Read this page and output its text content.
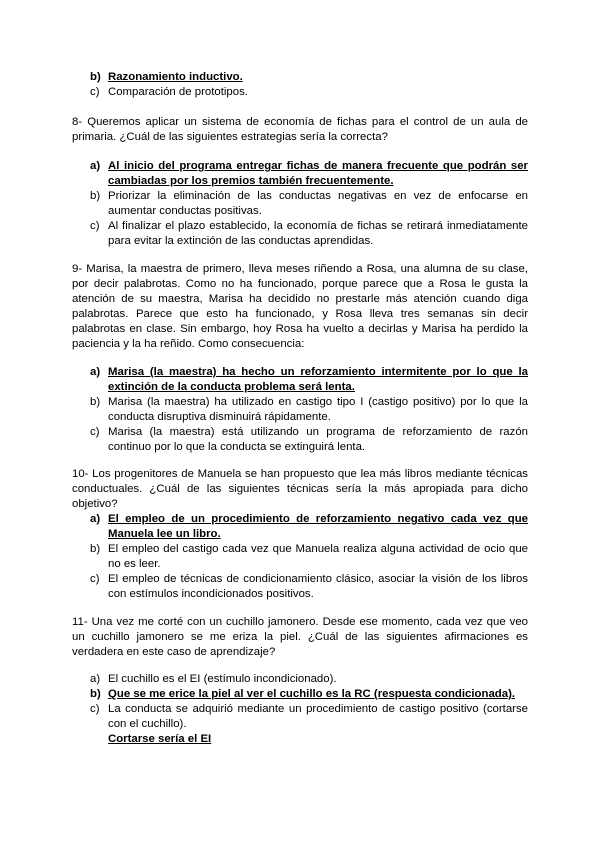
b) Razonamiento inductivo.
c) Comparación de prototipos.
8- Queremos aplicar un sistema de economía de fichas para el control de un aula de primaria. ¿Cuál de las siguientes estrategias sería la correcta?
a) Al inicio del programa entregar fichas de manera frecuente que podrán ser cambiadas por los premios también frecuentemente.
b) Priorizar la eliminación de las conductas negativas en vez de enfocarse en aumentar conductas positivas.
c) Al finalizar el plazo establecido, la economía de fichas se retirará inmediatamente para evitar la extinción de las conductas aprendidas.
9- Marisa, la maestra de primero, lleva meses riñendo a Rosa, una alumna de su clase, por decir palabrotas. Como no ha funcionado, porque parece que a Rosa le gusta la atención de su maestra, Marisa ha decidido no prestarle más atención cuando diga palabrotas. Parece que esto ha funcionado, y Rosa lleva tres semanas sin decir palabrotas en clase. Sin embargo, hoy Rosa ha vuelto a decirlas y Marisa ha perdido la paciencia y la ha reñido. Como consecuencia:
a) Marisa (la maestra) ha hecho un reforzamiento intermitente por lo que la extinción de la conducta problema será lenta.
b) Marisa (la maestra) ha utilizado en castigo tipo I (castigo positivo) por lo que la conducta disruptiva disminuirá rápidamente.
c) Marisa (la maestra) está utilizando un programa de reforzamiento de razón continuo por lo que la conducta se extinguirá lenta.
10- Los progenitores de Manuela se han propuesto que lea más libros mediante técnicas conductuales. ¿Cuál de las siguientes técnicas sería la más apropiada para dicho objetivo?
a) El empleo de un procedimiento de reforzamiento negativo cada vez que Manuela lee un libro.
b) El empleo del castigo cada vez que Manuela realiza alguna actividad de ocio que no es leer.
c) El empleo de técnicas de condicionamiento clásico, asociar la visión de los libros con estímulos incondicionados positivos.
11- Una vez me corté con un cuchillo jamonero. Desde ese momento, cada vez que veo un cuchillo jamonero se me eriza la piel. ¿Cuál de las siguientes afirmaciones es verdadera en este caso de aprendizaje?
a) El cuchillo es el EI (estímulo incondicionado).
b) Que se me erice la piel al ver el cuchillo es la RC (respuesta condicionada).
c) La conducta se adquirió mediante un procedimiento de castigo positivo (cortarse con el cuchillo).
Cortarse sería el EI
